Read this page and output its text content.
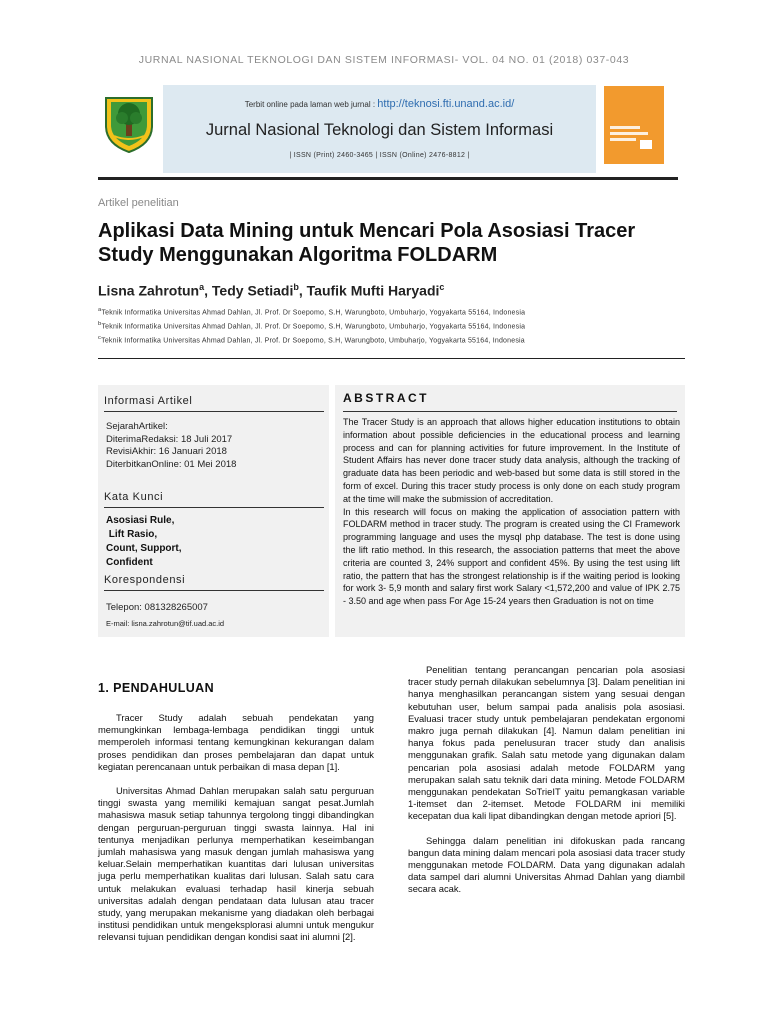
JURNAL NASIONAL TEKNOLOGI DAN SISTEM INFORMASI- VOL. 04 NO. 01 (2018) 037-043
Terbit online pada laman web jurnal : http://teknosi.fti.unand.ac.id/
Jurnal Nasional Teknologi dan Sistem Informasi
| ISSN (Print) 2460-3465 | ISSN (Online) 2476-8812 |
Artikel penelitian
Aplikasi Data Mining untuk Mencari Pola Asosiasi Tracer Study Menggunakan Algoritma FOLDARM
Lisna Zahrotun$^a$, Tedy Setiadi$^b$, Taufik Mufti Haryadi$^c$
$^a$Teknik Informatika Universitas Ahmad Dahlan, Jl. Prof. Dr Soepomo, S.H, Warungboto, Umbuharjo, Yogyakarta 55164, Indonesia
$^b$Teknik Informatika Universitas Ahmad Dahlan, Jl. Prof. Dr Soepomo, S.H, Warungboto, Umbuharjo, Yogyakarta 55164, Indonesia
$^c$Teknik Informatika Universitas Ahmad Dahlan, Jl. Prof. Dr Soepomo, S.H, Warungboto, Umbuharjo, Yogyakarta 55164, Indonesia
Informasi Artikel
SejarahArtikel:
DiterimaRedaksi: 18 Juli 2017
RevisiAkhir: 16 Januari 2018
DiterbitkanOnline: 01 Mei 2018
Kata Kunci
Asosiasi Rule,
Lift Rasio,
Count, Support,
Confident
Korespondensi
Telepon: 081328265007
E-mail: lisna.zahrotun@tif.uad.ac.id
ABSTRACT

The Tracer Study is an approach that allows higher education institutions to obtain information about possible deficiencies in the educational process and learning process and can for planning activities for future improvement. In the Institute of Student Affairs has never done tracer study data analysis, although the tracking of graduate data has been periodic and web-based but some data is still stored in the form of excel. During this tracer study process is only done on each study program at the time will make the submission of accreditation.

In this research will focus on making the application of association pattern with FOLDARM method in tracer study. The program is created using the CI Framework programming language and uses the mysql php database. The test is done using the lift ratio method. In this research, the association patterns that meet the above criteria are counted 3, 24% support and confident 45%. By using the test using lift ratio, the pattern that has the strongest relationship is if the waiting period is looking for work 3- 5,9 month and salary first work Salary <1,572,200 and value of IPK 2.75 - 3.50 and age when pass For Age 15-24 years then Graduation is not on time

1. PENDAHULUAN

Tracer Study adalah sebuah pendekatan yang memungkinkan lembaga-lembaga pendidikan tinggi untuk memperoleh informasi tentang kemungkinan kekurangan dalam proses pendidikan dan proses pembelajaran dan dapat untuk kegiatan perencanaan untuk perbaikan di masa depan [1].

Universitas Ahmad Dahlan merupakan salah satu perguruan tinggi swasta yang memiliki kemajuan sangat pesat.Jumlah mahasiswa masuk setiap tahunnya tergolong tinggi dibandingkan dengan perguruan-perguruan tinggi swasta lainnya. Hal ini tentunya menjadikan perlunya memperhatikan keseimbangan jumlah mahasiswa yang masuk dengan jumlah mahasiswa yang keluar.Selain memperhatikan kuantitas dari lulusan universitas juga perlu memperhatikan kualitas dari lulusan. Salah satu cara untuk melakukan evaluasi terhadap hasil kinerja sebuah universitas adalah dengan pendataan data lulusan atau tracer study, yang merupakan mekanisme yang diadakan oleh berbagai institusi pendidikan untuk mengeksplorasi alumni untuk mengukur relevansi tujuan pendidikan dengan kondisi saat ini alumni [2].

Penelitian tentang perancangan pencarian pola asosiasi tracer study pernah dilakukan sebelumnya [3]. Dalam penelitian ini hanya menghasilkan perancangan sistem yang sesuai dengan kebutuhan user, belum sampai pada analisis pola asosiasi. Evaluasi tracer study untuk pembelajaran pendekatan ergonomi makro juga pernah dilakukan [4]. Namun dalam penelitian ini hanya fokus pada penelusuran tracer study dan analisis menggunakan grafik. Salah satu metode yang digunakan dalam pencarian pola asosiasi adalah metode FOLDARM yang merupakan salah satu teknik dari data mining. Metode FOLDARM menggunakan pendekatan SoTrieIT yaitu pemangkasan variable 1-itemset dan 2-itemset. Metode FOLDARM ini memiliki kecepatan dua kali lipat dibandingkan dengan metode apriori [5].

Sehingga dalam penelitian ini difokuskan pada rancang bangun data mining dalam mencari pola asosiasi data tracer study menggunakan metode FOLDARM. Data yang digunakan adalah data sampel dari alumni Universitas Ahmad Dahlan yang diambil secara acak.
